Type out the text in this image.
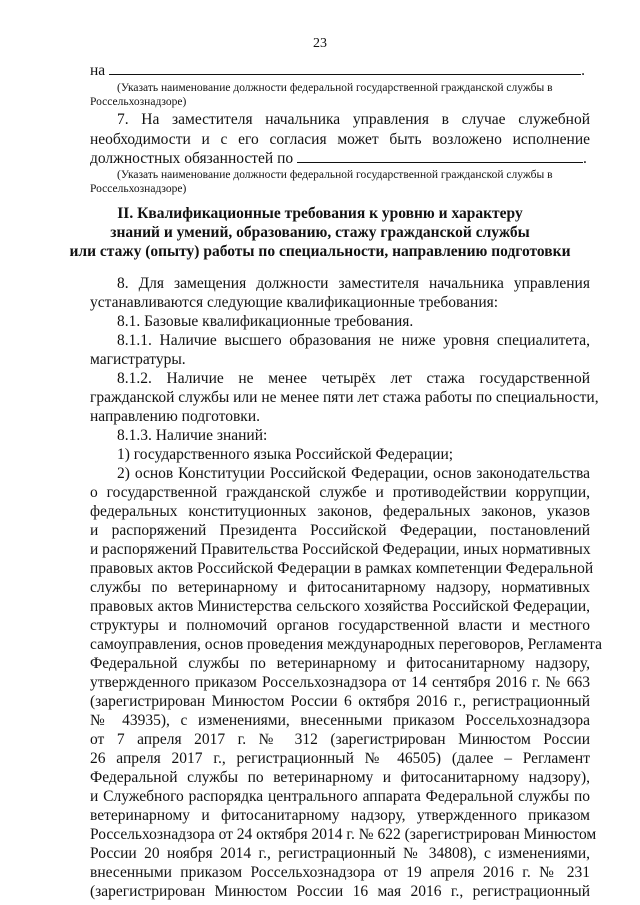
23
на	.
(Указать наименование должности федеральной государственной гражданской службы в
Россельхознадзоре)
7. На заместителя начальника управления в случае служебной
необходимости и с его согласия может быть возложено исполнение
должностных обязанностей по	.
(Указать наименование должности федеральной государственной гражданской службы в
Россельхознадзоре)
II. Квалификационные требования к уровню и характеру
знаний и умений, образованию, стажу гражданской службы
или стажу (опыту) работы по специальности, направлению подготовки
8. Для замещения должности заместителя начальника управления
устанавливаются следующие квалификационные требования:
8.1. Базовые квалификационные требования.
8.1.1. Наличие высшего образования не ниже уровня специалитета,
магистратуры.
8.1.2. Наличие не менее четырёх лет стажа государственной
гражданской службы или не менее пяти лет стажа работы по специальности,
направлению подготовки.
8.1.3. Наличие знаний:
1) государственного языка Российской Федерации;
2) основ Конституции Российской Федерации, основ законодательства
о государственной гражданской службе и противодействии коррупции,
федеральных конституционных законов, федеральных законов, указов
и распоряжений Президента Российской Федерации, постановлений
и распоряжений Правительства Российской Федерации, иных нормативных
правовых актов Российской Федерации в рамках компетенции Федеральной
службы по ветеринарному и фитосанитарному надзору, нормативных
правовых актов Министерства сельского хозяйства Российской Федерации,
структуры и полномочий органов государственной власти и местного
самоуправления, основ проведения международных переговоров, Регламента
Федеральной службы по ветеринарному и фитосанитарному надзору,
утвержденного приказом Россельхознадзора от 14 сентября 2016 г. № 663
(зарегистрирован Минюстом России 6 октября 2016 г., регистрационный
№ 43935), с изменениями, внесенными приказом Россельхознадзора
от 7 апреля 2017 г. № 312 (зарегистрирован Минюстом России
26 апреля 2017 г., регистрационный № 46505) (далее – Регламент
Федеральной службы по ветеринарному и фитосанитарному надзору),
и Служебного распорядка центрального аппарата Федеральной службы по
ветеринарному и фитосанитарному надзору, утвержденного приказом
Россельхознадзора от 24 октября 2014 г. № 622 (зарегистрирован Минюстом
России 20 ноября 2014 г., регистрационный № 34808), с изменениями,
внесенными приказом Россельхознадзора от 19 апреля 2016 г. № 231
(зарегистрирован Минюстом России 16 мая 2016 г., регистрационный
